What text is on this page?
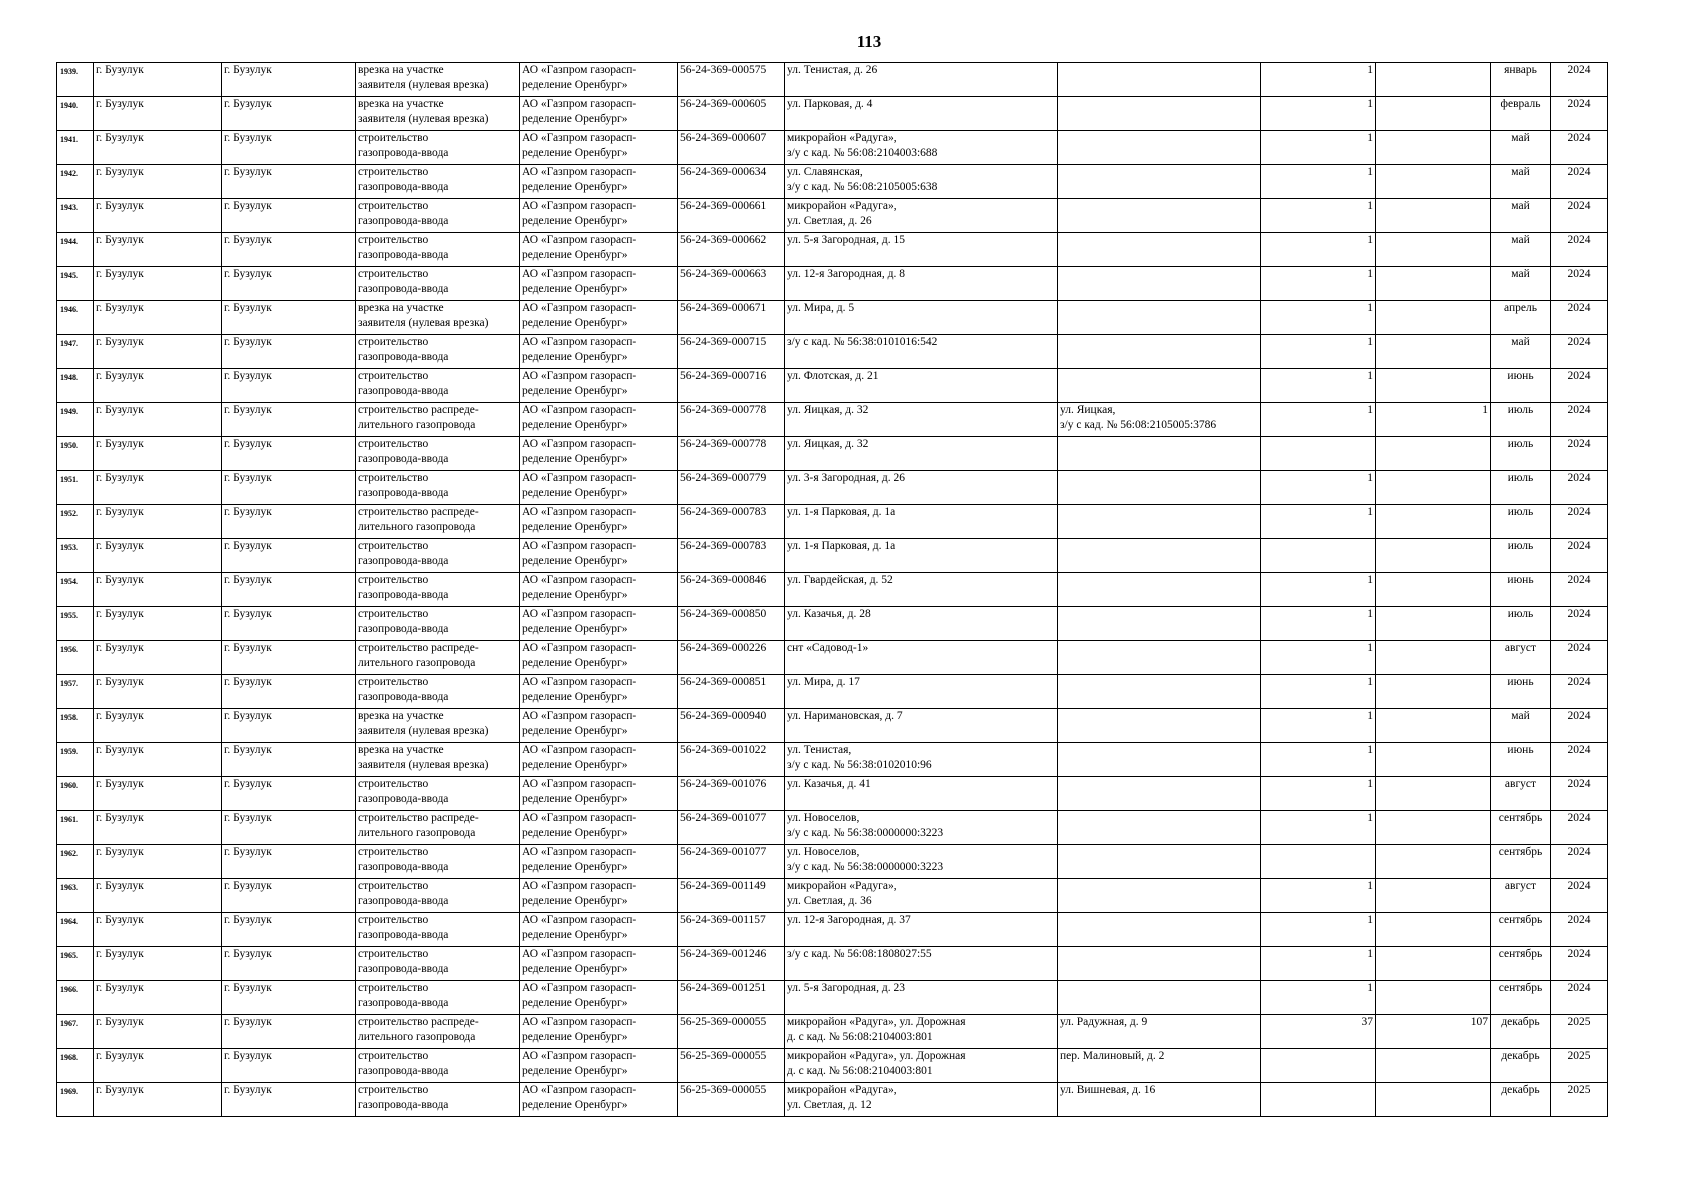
113
1939.	г. Бузулук	г. Бузулук	врезка на участке
заявителя (нулевая врезка)	АО «Газпром газорасп-
ределение Оренбург»	56-24-369-000575	ул. Тенистая, д. 26		1		январь	2024
1940.	г. Бузулук	г. Бузулук	врезка на участке
заявителя (нулевая врезка)	АО «Газпром газорасп-
ределение Оренбург»	56-24-369-000605	ул. Парковая, д. 4		1		февраль	2024
1941.	г. Бузулук	г. Бузулук	строительство
газопровода-ввода	АО «Газпром газорасп-
ределение Оренбург»	56-24-369-000607	микрорайон «Радуга»,
з/у с кад. № 56:08:2104003:688		1		май	2024
1942.	г. Бузулук	г. Бузулук	строительство
газопровода-ввода	АО «Газпром газорасп-
ределение Оренбург»	56-24-369-000634	ул. Славянская,
з/у с кад. № 56:08:2105005:638		1		май	2024
1943.	г. Бузулук	г. Бузулук	строительство
газопровода-ввода	АО «Газпром газорасп-
ределение Оренбург»	56-24-369-000661	микрорайон «Радуга»,
ул. Светлая, д. 26		1		май	2024
1944.	г. Бузулук	г. Бузулук	строительство
газопровода-ввода	АО «Газпром газорасп-
ределение Оренбург»	56-24-369-000662	ул. 5-я Загородная, д. 15		1		май	2024
1945.	г. Бузулук	г. Бузулук	строительство
газопровода-ввода	АО «Газпром газорасп-
ределение Оренбург»	56-24-369-000663	ул. 12-я Загородная, д. 8		1		май	2024
1946.	г. Бузулук	г. Бузулук	врезка на участке
заявителя (нулевая врезка)	АО «Газпром газорасп-
ределение Оренбург»	56-24-369-000671	ул. Мира, д. 5		1		апрель	2024
1947.	г. Бузулук	г. Бузулук	строительство
газопровода-ввода	АО «Газпром газорасп-
ределение Оренбург»	56-24-369-000715	з/у с кад. № 56:38:0101016:542		1		май	2024
1948.	г. Бузулук	г. Бузулук	строительство
газопровода-ввода	АО «Газпром газорасп-
ределение Оренбург»	56-24-369-000716	ул. Флотская, д. 21		1		июнь	2024
1949.	г. Бузулук	г. Бузулук	строительство распреде-
лительного газопровода	АО «Газпром газорасп-
ределение Оренбург»	56-24-369-000778	ул. Яицкая, д. 32	ул. Яицкая,
з/у с кад. № 56:08:2105005:3786	1	1	июль	2024
1950.	г. Бузулук	г. Бузулук	строительство
газопровода-ввода	АО «Газпром газорасп-
ределение Оренбург»	56-24-369-000778	ул. Яицкая, д. 32				июль	2024
1951.	г. Бузулук	г. Бузулук	строительство
газопровода-ввода	АО «Газпром газорасп-
ределение Оренбург»	56-24-369-000779	ул. 3-я Загородная, д. 26		1		июль	2024
1952.	г. Бузулук	г. Бузулук	строительство распреде-
лительного газопровода	АО «Газпром газорасп-
ределение Оренбург»	56-24-369-000783	ул. 1-я Парковая, д. 1а		1		июль	2024
1953.	г. Бузулук	г. Бузулук	строительство
газопровода-ввода	АО «Газпром газорасп-
ределение Оренбург»	56-24-369-000783	ул. 1-я Парковая, д. 1а				июль	2024
1954.	г. Бузулук	г. Бузулук	строительство
газопровода-ввода	АО «Газпром газорасп-
ределение Оренбург»	56-24-369-000846	ул. Гвардейская, д. 52		1		июнь	2024
1955.	г. Бузулук	г. Бузулук	строительство
газопровода-ввода	АО «Газпром газорасп-
ределение Оренбург»	56-24-369-000850	ул. Казачья, д. 28		1		июль	2024
1956.	г. Бузулук	г. Бузулук	строительство распреде-
лительного газопровода	АО «Газпром газорасп-
ределение Оренбург»	56-24-369-000226	снт «Садовод-1»		1		август	2024
1957.	г. Бузулук	г. Бузулук	строительство
газопровода-ввода	АО «Газпром газорасп-
ределение Оренбург»	56-24-369-000851	ул. Мира, д. 17		1		июнь	2024
1958.	г. Бузулук	г. Бузулук	врезка на участке
заявителя (нулевая врезка)	АО «Газпром газорасп-
ределение Оренбург»	56-24-369-000940	ул. Наримановская, д. 7		1		май	2024
1959.	г. Бузулук	г. Бузулук	врезка на участке
заявителя (нулевая врезка)	АО «Газпром газорасп-
ределение Оренбург»	56-24-369-001022	ул. Тенистая,
з/у с кад. № 56:38:0102010:96		1		июнь	2024
1960.	г. Бузулук	г. Бузулук	строительство
газопровода-ввода	АО «Газпром газорасп-
ределение Оренбург»	56-24-369-001076	ул. Казачья, д. 41		1		август	2024
1961.	г. Бузулук	г. Бузулук	строительство распреде-
лительного газопровода	АО «Газпром газорасп-
ределение Оренбург»	56-24-369-001077	ул. Новоселов,
з/у с кад. № 56:38:0000000:3223		1		сентябрь	2024
1962.	г. Бузулук	г. Бузулук	строительство
газопровода-ввода	АО «Газпром газорасп-
ределение Оренбург»	56-24-369-001077	ул. Новоселов,
з/у с кад. № 56:38:0000000:3223				сентябрь	2024
1963.	г. Бузулук	г. Бузулук	строительство
газопровода-ввода	АО «Газпром газорасп-
ределение Оренбург»	56-24-369-001149	микрорайон «Радуга»,
ул. Светлая, д. 36		1		август	2024
1964.	г. Бузулук	г. Бузулук	строительство
газопровода-ввода	АО «Газпром газорасп-
ределение Оренбург»	56-24-369-001157	ул. 12-я Загородная, д. 37		1		сентябрь	2024
1965.	г. Бузулук	г. Бузулук	строительство
газопровода-ввода	АО «Газпром газорасп-
ределение Оренбург»	56-24-369-001246	з/у с кад. № 56:08:1808027:55		1		сентябрь	2024
1966.	г. Бузулук	г. Бузулук	строительство
газопровода-ввода	АО «Газпром газорасп-
ределение Оренбург»	56-24-369-001251	ул. 5-я Загородная, д. 23		1		сентябрь	2024
1967.	г. Бузулук	г. Бузулук	строительство распреде-
лительного газопровода	АО «Газпром газорасп-
ределение Оренбург»	56-25-369-000055	микрорайон «Радуга», ул. Дорожная
д. с кад. № 56:08:2104003:801	ул. Радужная, д. 9	37	107	декабрь	2025
1968.	г. Бузулук	г. Бузулук	строительство
газопровода-ввода	АО «Газпром газорасп-
ределение Оренбург»	56-25-369-000055	микрорайон «Радуга», ул. Дорожная
д. с кад. № 56:08:2104003:801	пер. Малиновый, д. 2			декабрь	2025
1969.	г. Бузулук	г. Бузулук	строительство
газопровода-ввода	АО «Газпром газорасп-
ределение Оренбург»	56-25-369-000055	микрорайон «Радуга»,
ул. Светлая, д. 12	ул. Вишневая, д. 16			декабрь	2025
